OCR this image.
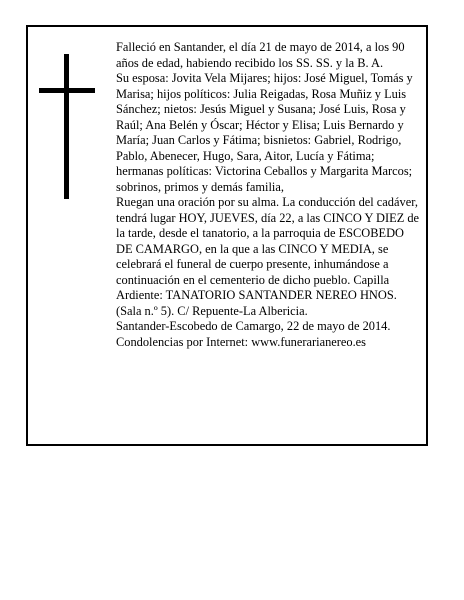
Falleció en Santander, el día 21 de mayo de 2014, a los 90 años de edad, habiendo recibido los SS. SS. y la B. A.

Su esposa: Jovita Vela Mijares; hijos: José Miguel, Tomás y Marisa; hijos políticos: Julia Reigadas, Rosa Muñiz y Luis Sánchez; nietos: Jesús Miguel y Susana; José Luis, Rosa y Raúl; Ana Belén y Óscar; Héctor y Elisa; Luis Bernardo y María; Juan Carlos y Fátima; bisnietos: Gabriel, Rodrigo, Pablo, Abenecer, Hugo, Sara, Aitor, Lucía y Fátima; hermanas políticas: Victorina Ceballos y Margarita Marcos; sobrinos, primos y demás familia,

Ruegan una oración por su alma. La conducción del cadáver, tendrá lugar HOY, JUEVES, día 22, a las CINCO Y DIEZ de la tarde, desde el tanatorio, a la parroquia de ESCOBEDO DE CAMARGO, en la que a las CINCO Y MEDIA, se celebrará el funeral de cuerpo presente, inhumándose a continuación en el cementerio de dicho pueblo. Capilla Ardiente: TANATORIO SANTANDER NEREO HNOS. (Sala n.º 5). C/ Repuente-La Albericia.

Santander-Escobedo de Camargo, 22 de mayo de 2014.

Condolencias por Internet: www.funerarianereo.es
